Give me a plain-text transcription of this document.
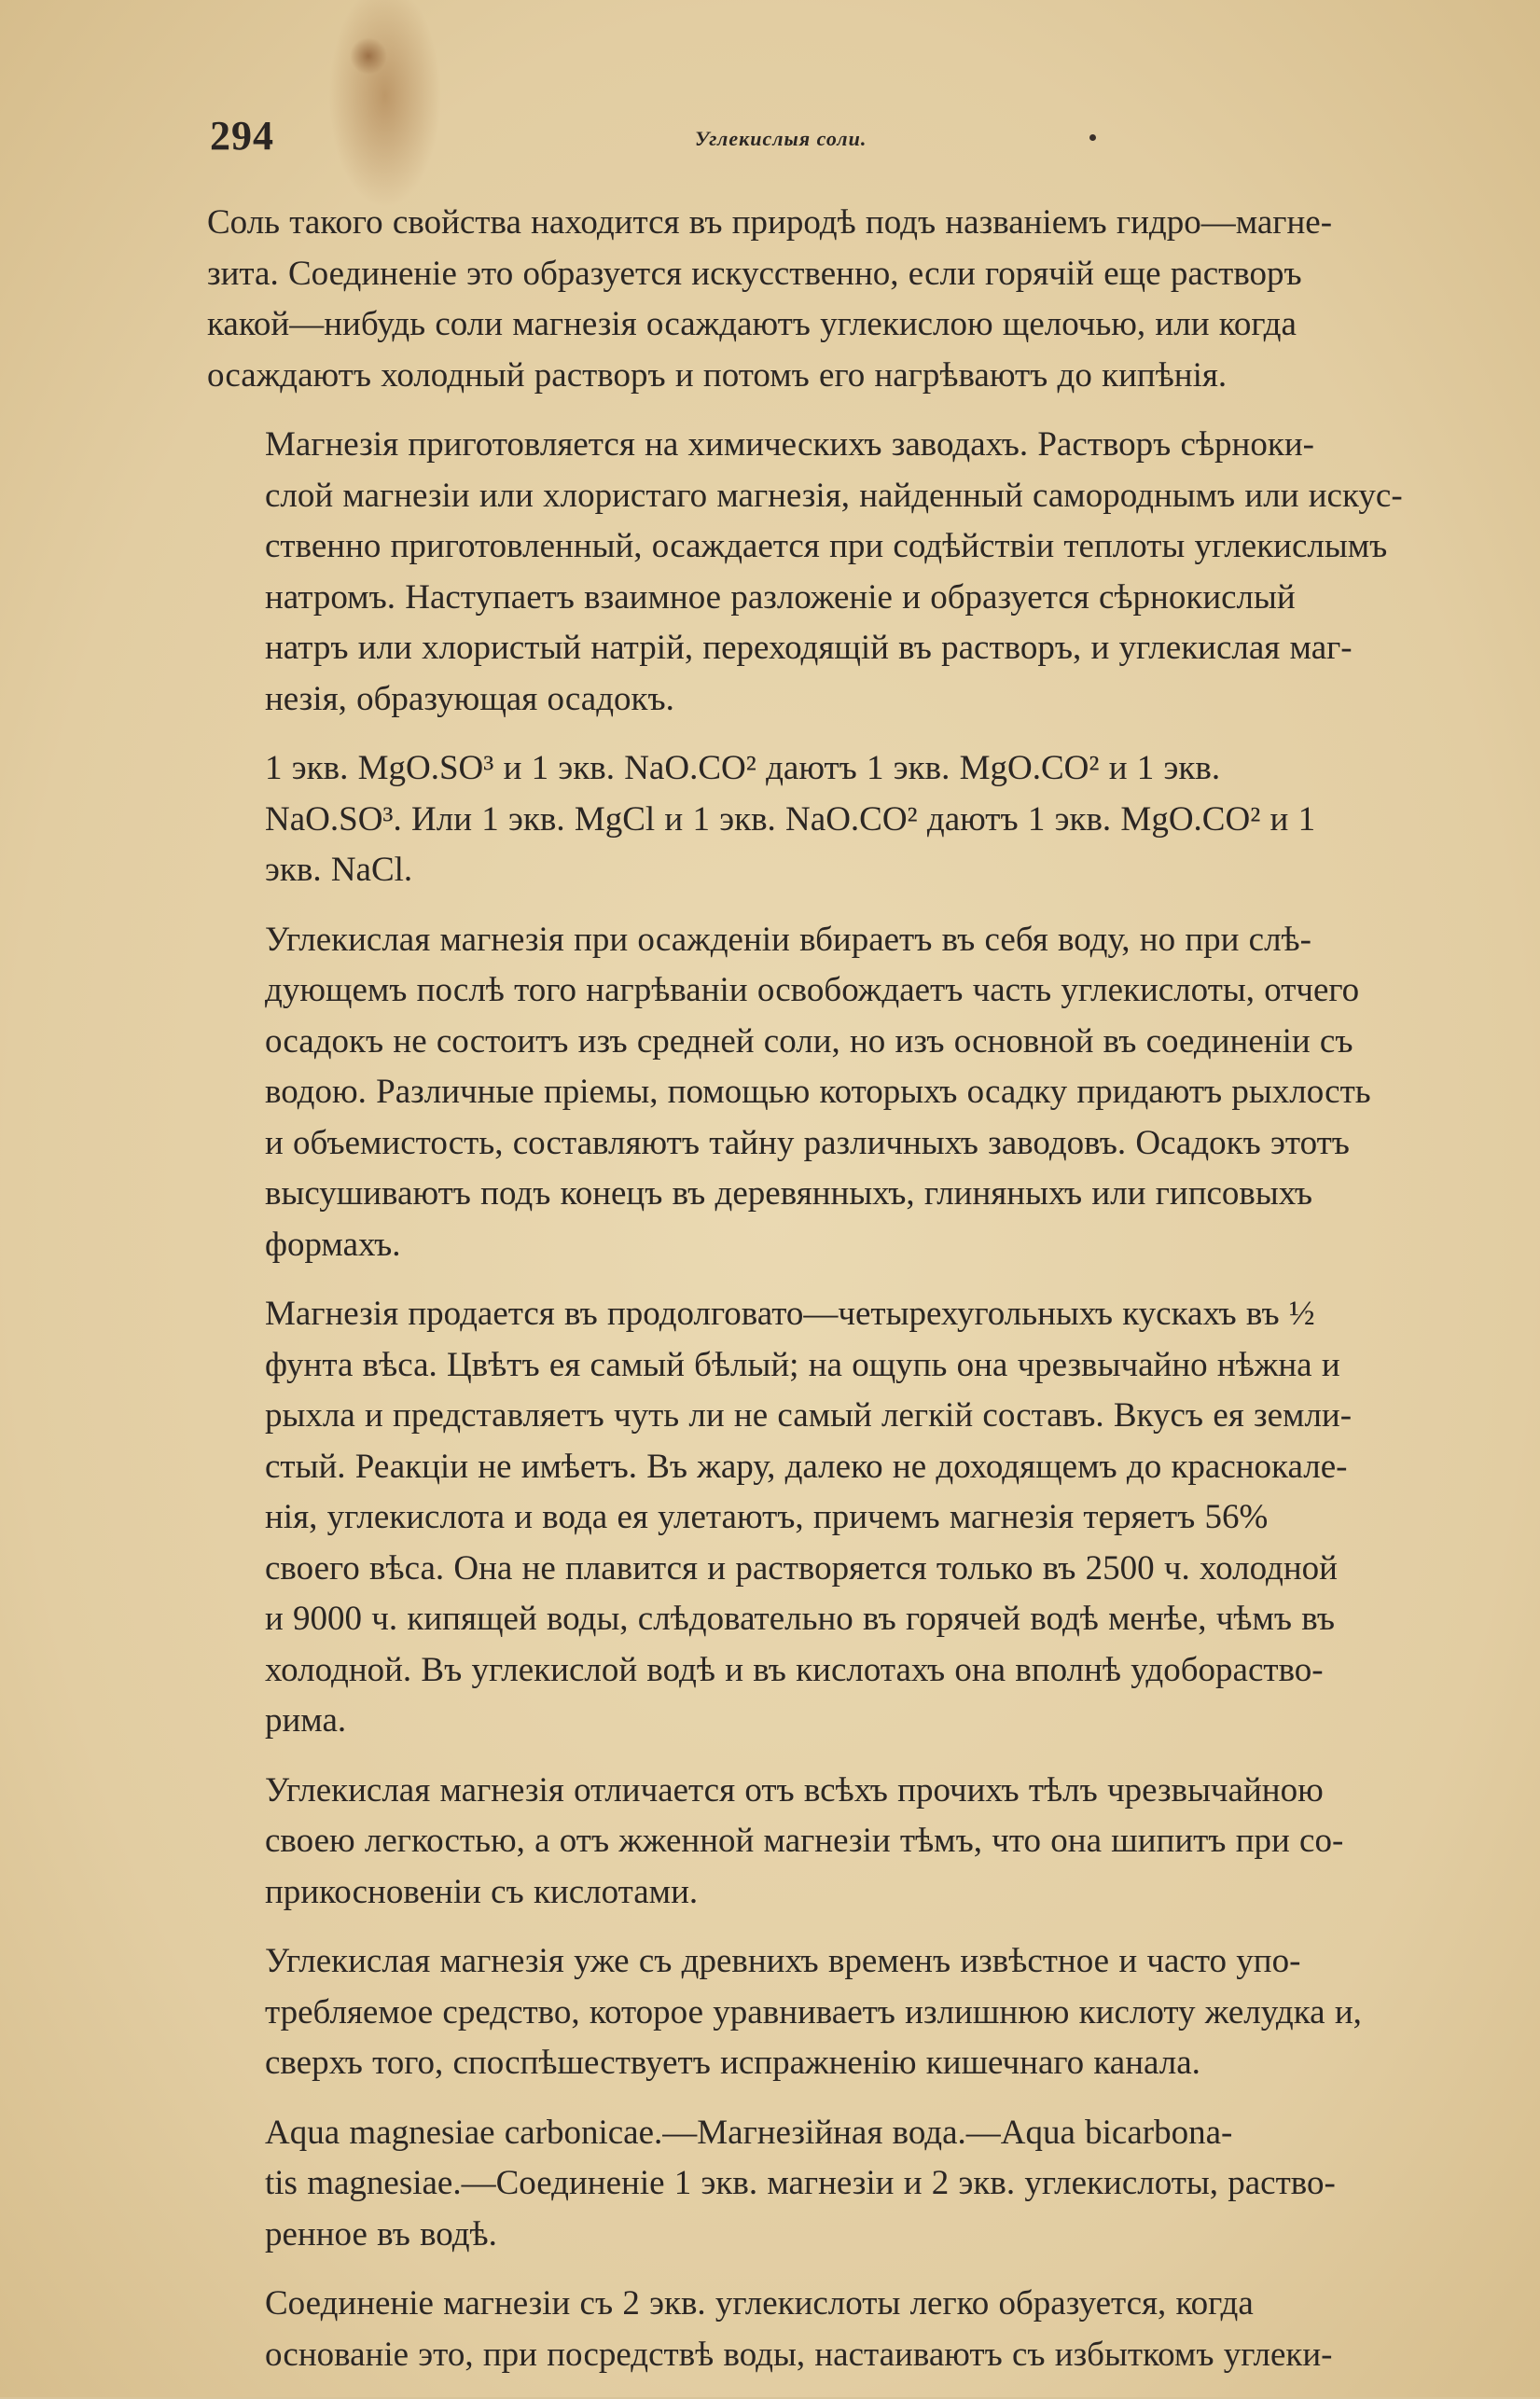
294	Углекислыя соли.

Соль такого свойства находится въ природѣ подъ названіемъ гидро—магне-
зита. Соединеніе это образуется искусственно, если горячій еще растворъ
какой—нибудь соли магнезія осаждаютъ углекислою щелочью, или когда
осаждаютъ холодный растворъ и потомъ его нагрѣваютъ до кипѣнія.

Магнезія приготовляется на химическихъ заводахъ. Растворъ сѣрноки-
слой магнезіи или хлористаго магнезія, найденный самороднымъ или искус-
ственно приготовленный, осаждается при содѣйствіи теплоты углекислымъ
натромъ. Наступаетъ взаимное разложеніе и образуется сѣрнокислый
натръ или хлористый натрій, переходящій въ растворъ, и углекислая маг-
незія, образующая осадокъ.

1 экв. MgO.SO³ и 1 экв. NaO.CO² даютъ 1 экв. MgO.CO² и 1 экв.
NaO.SO³. Или 1 экв. MgCl и 1 экв. NaO.CO² даютъ 1 экв. MgO.CO² и 1
экв. NaCl.

Углекислая магнезія при осажденіи вбираетъ въ себя воду, но при слѣ-
дующемъ послѣ того нагрѣваніи освобождаетъ часть углекислоты, отчего
осадокъ не состоитъ изъ средней соли, но изъ основной въ соединеніи съ
водою. Различные пріемы, помощью которыхъ осадку придаютъ рыхлость
и объемистость, составляютъ тайну различныхъ заводовъ. Осадокъ этотъ
высушиваютъ подъ конецъ въ деревянныхъ, глиняныхъ или гипсовыхъ
формахъ.

Магнезія продается въ продолговато—четырехугольныхъ кускахъ въ ½
фунта вѣса. Цвѣтъ ея самый бѣлый; на ощупь она чрезвычайно нѣжна и
рыхла и представляетъ чуть ли не самый легкій составъ. Вкусъ ея земли-
стый. Реакціи не имѣетъ. Въ жару, далеко не доходящемъ до краснокале-
нія, углекислота и вода ея улетаютъ, причемъ магнезія теряетъ 56%
своего вѣса. Она не плавится и растворяется только въ 2500 ч. холодной
и 9000 ч. кипящей воды, слѣдовательно въ горячей водѣ менѣе, чѣмъ въ
холодной. Въ углекислой водѣ и въ кислотахъ она вполнѣ удобораство-
рима.

Углекислая магнезія отличается отъ всѣхъ прочихъ тѣлъ чрезвычайною
своею легкостью, а отъ жженной магнезіи тѣмъ, что она шипитъ при со-
прикосновеніи съ кислотами.

Углекислая магнезія уже съ древнихъ временъ извѣстное и часто упо-
требляемое средство, которое уравниваетъ излишнюю кислоту желудка и,
сверхъ того, споспѣшествуетъ испражненію кишечнаго канала.

Aqua magnesiae carbonicae.—Магнезійная вода.—Aqua bicarbona-
tis magnesiae.—Соединеніе 1 экв. магнезіи и 2 экв. углекислоты, раство-
ренное въ водѣ.

Соединеніе магнезіи съ 2 экв. углекислоты легко образуется, когда
основаніе это, при посредствѣ воды, настаиваютъ съ избыткомъ углеки-
